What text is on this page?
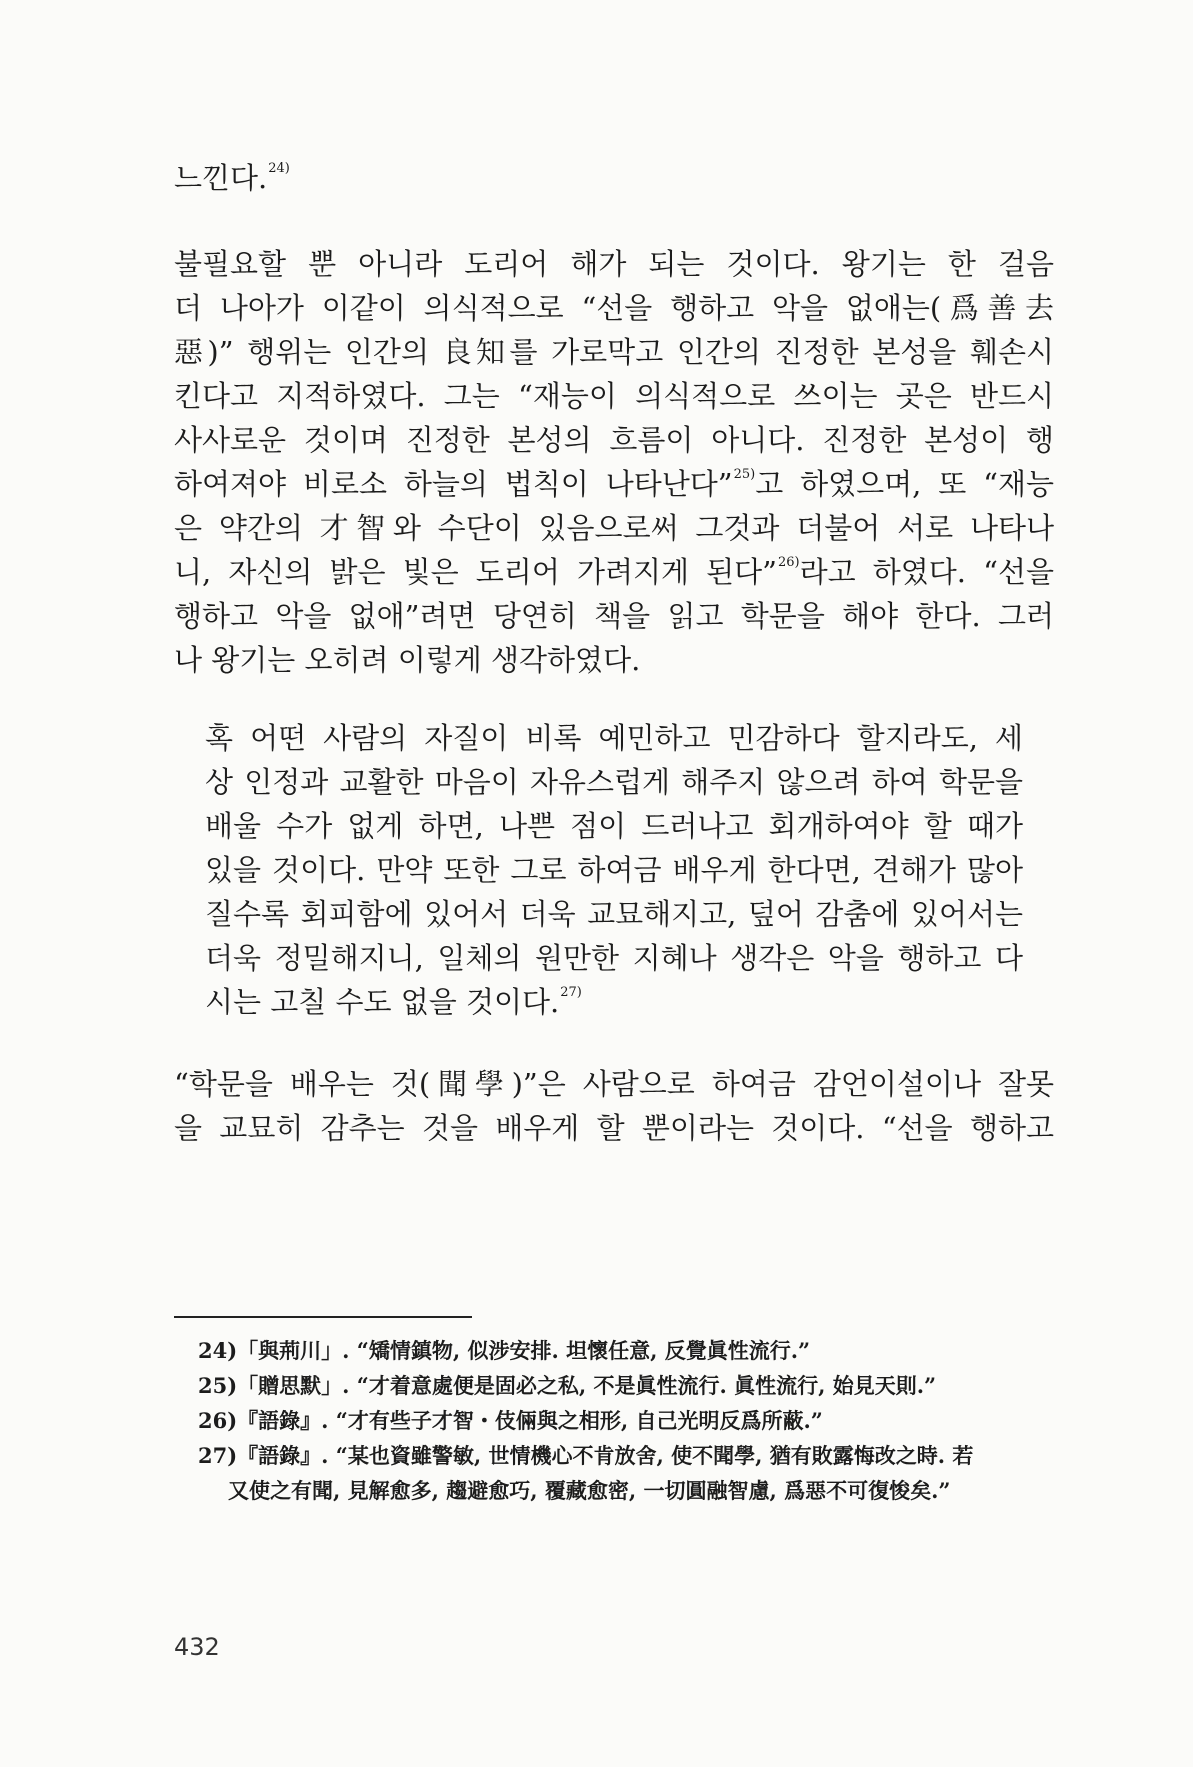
느낀다.$^{24)}$
불필요할 뿐 아니라 도리어 해가 되는 것이다. 왕기는 한 걸음
더 나아가 이같이 의식적으로 “선을 행하고 악을 없애는(爲善去
惡)” 행위는 인간의 良知를 가로막고 인간의 진정한 본성을 훼손시
킨다고 지적하였다. 그는 “재능이 의식적으로 쓰이는 곳은 반드시
사사로운 것이며 진정한 본성의 흐름이 아니다. 진정한 본성이 행
하여져야 비로소 하늘의 법칙이 나타난다”$^{25)}$고 하였으며, 또 “재능
은 약간의 才智와 수단이 있음으로써 그것과 더불어 서로 나타나
니, 자신의 밝은 빛은 도리어 가려지게 된다”$^{26)}$라고 하였다. “선을
행하고 악을 없애”려면 당연히 책을 읽고 학문을 해야 한다. 그러
나 왕기는 오히려 이렇게 생각하였다.
혹 어떤 사람의 자질이 비록 예민하고 민감하다 할지라도, 세
상 인정과 교활한 마음이 자유스럽게 해주지 않으려 하여 학문을
배울 수가 없게 하면, 나쁜 점이 드러나고 회개하여야 할 때가
있을 것이다. 만약 또한 그로 하여금 배우게 한다면, 견해가 많아
질수록 회피함에 있어서 더욱 교묘해지고, 덮어 감춤에 있어서는
더욱 정밀해지니, 일체의 원만한 지혜나 생각은 악을 행하고 다
시는 고칠 수도 없을 것이다.$^{27)}$
“학문을 배우는 것(聞學)”은 사람으로 하여금 감언이설이나 잘못
을 교묘히 감추는 것을 배우게 할 뿐이라는 것이다. “선을 행하고
24)「與荊川」. “矯情鎮物, 似涉安排. 坦懷任意, 反覺眞性流行.”
25)「贈思默」. “才着意處便是固必之私, 不是眞性流行. 眞性流行, 始見天則.”
26)『語錄』. “才有些子才智・伎倆與之相形, 自己光明反爲所蔽.”
27)『語錄』. “某也資雖警敏, 世情機心不肯放舍, 使不聞學, 猶有敗露悔改之時. 若
又使之有聞, 見解愈多, 趨避愈巧, 覆藏愈密, 一切圓融智慮, 爲惡不可復悛矣.”
432
